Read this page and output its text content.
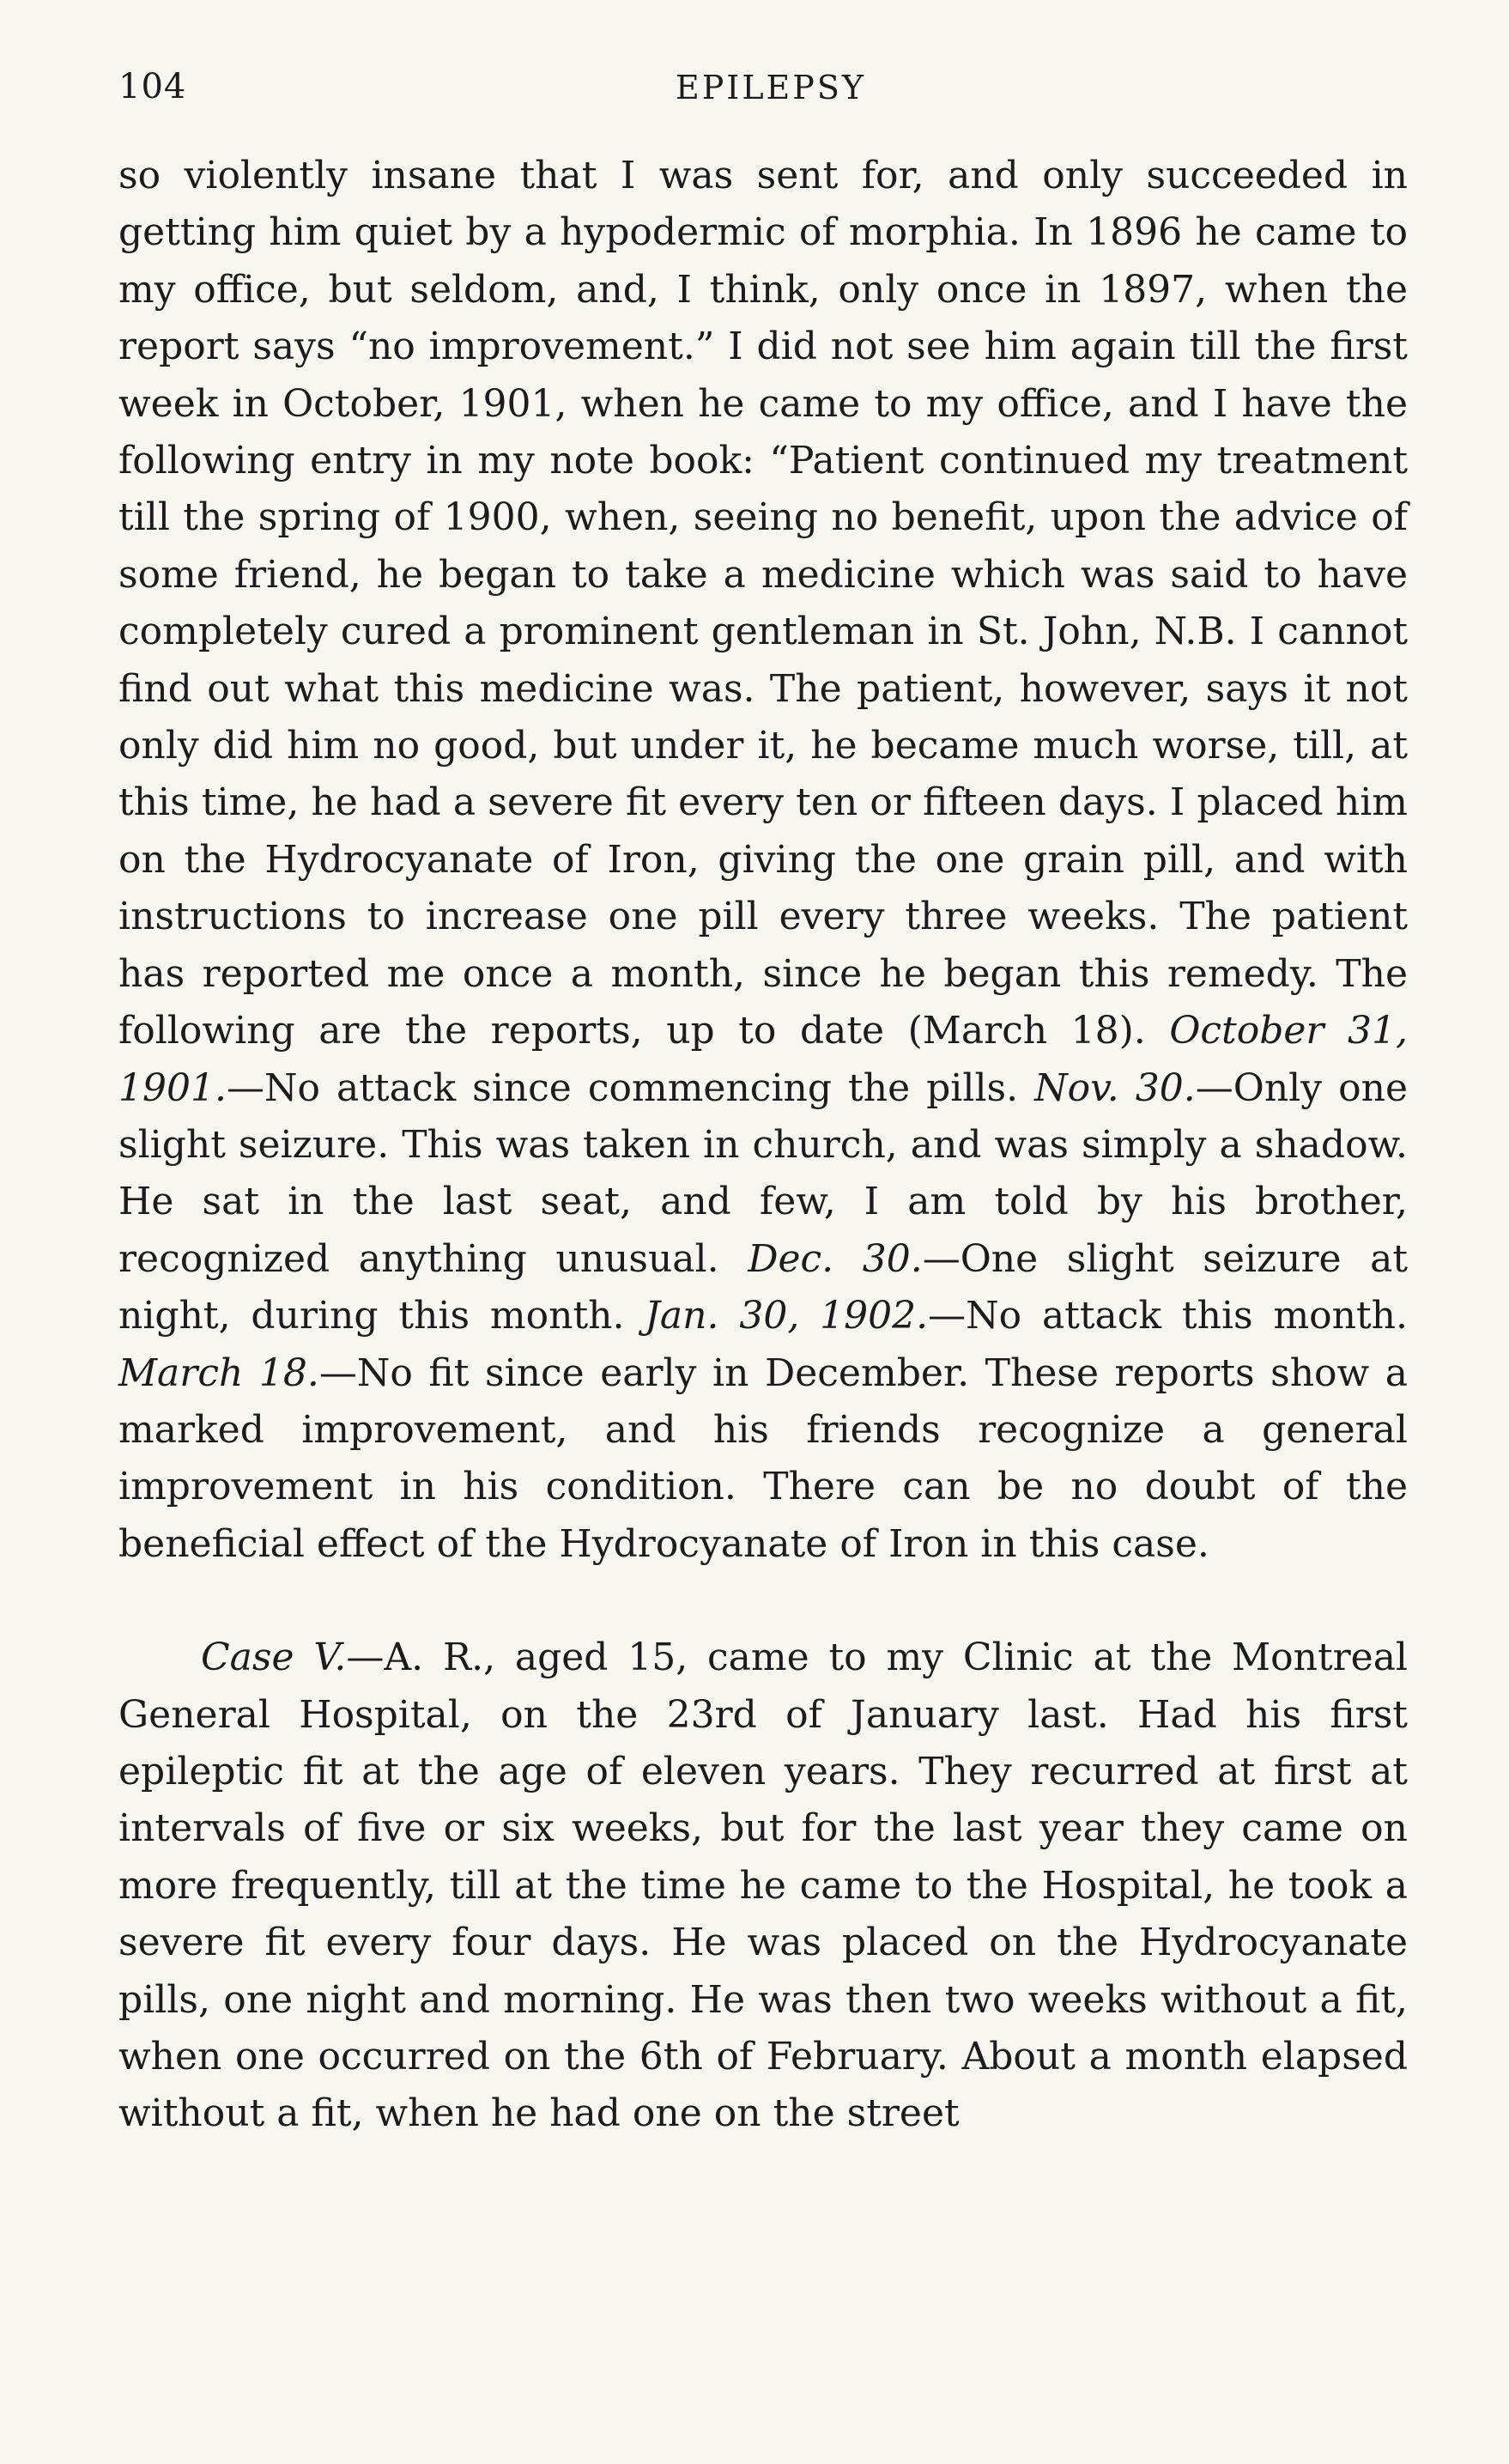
104	EPILEPSY

so violently insane that I was sent for, and only succeeded in getting him quiet by a hypodermic of morphia. In 1896 he came to my office, but seldom, and, I think, only once in 1897, when the report says “no improvement.” I did not see him again till the first week in October, 1901, when he came to my office, and I have the following entry in my note book: “Patient continued my treatment till the spring of 1900, when, seeing no benefit, upon the advice of some friend, he began to take a medicine which was said to have completely cured a prominent gentleman in St. John, N.B. I cannot find out what this medicine was. The patient, however, says it not only did him no good, but under it, he became much worse, till, at this time, he had a severe fit every ten or fifteen days. I placed him on the Hydrocyanate of Iron, giving the one grain pill, and with instructions to increase one pill every three weeks. The patient has reported me once a month, since he began this remedy. The following are the reports, up to date (March 18). October 31, 1901.—No attack since commencing the pills. Nov. 30.—Only one slight seizure. This was taken in church, and was simply a shadow. He sat in the last seat, and few, I am told by his brother, recognized anything unusual. Dec. 30.—One slight seizure at night, during this month. Jan. 30, 1902.—No attack this month. March 18.—No fit since early in December. These reports show a marked improvement, and his friends recognize a general improvement in his condition. There can be no doubt of the beneficial effect of the Hydrocyanate of Iron in this case.

Case V.—A. R., aged 15, came to my Clinic at the Montreal General Hospital, on the 23rd of January last. Had his first epileptic fit at the age of eleven years. They recurred at first at intervals of five or six weeks, but for the last year they came on more frequently, till at the time he came to the Hospital, he took a severe fit every four days. He was placed on the Hydrocyanate pills, one night and morning. He was then two weeks without a fit, when one occurred on the 6th of February. About a month elapsed without a fit, when he had one on the street
